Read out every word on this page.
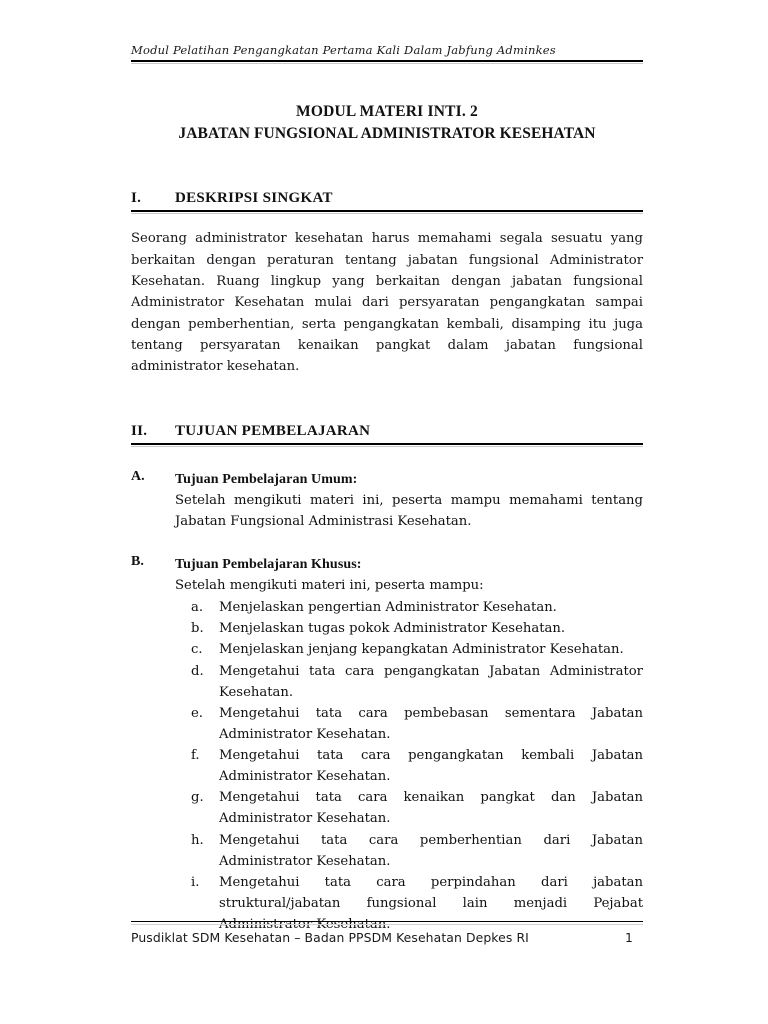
Modul Pelatihan Pengangkatan Pertama Kali Dalam Jabfung Adminkes
MODUL MATERI INTI. 2
JABATAN FUNGSIONAL ADMINISTRATOR KESEHATAN
I.	DESKRIPSI SINGKAT

Seorang administrator kesehatan harus memahami segala sesuatu yang berkaitan dengan peraturan tentang jabatan fungsional Administrator Kesehatan. Ruang lingkup yang berkaitan dengan jabatan fungsional Administrator Kesehatan mulai dari persyaratan pengangkatan sampai dengan pemberhentian, serta pengangkatan kembali, disamping itu juga tentang persyaratan kenaikan pangkat dalam jabatan fungsional administrator kesehatan.

II.	TUJUAN PEMBELAJARAN
A. Tujuan Pembelajaran Umum:
Setelah mengikuti materi ini, peserta mampu memahami tentang Jabatan Fungsional Administrasi Kesehatan.
B. Tujuan Pembelajaran Khusus:
Setelah mengikuti materi ini, peserta mampu:
a.	Menjelaskan pengertian Administrator Kesehatan.
b.	Menjelaskan tugas pokok Administrator Kesehatan.
c.	Menjelaskan jenjang kepangkatan Administrator Kesehatan.
d.	Mengetahui tata cara pengangkatan Jabatan Administrator Kesehatan.
e.	Mengetahui tata cara pembebasan sementara Jabatan Administrator Kesehatan.
f.	Mengetahui tata cara pengangkatan kembali Jabatan Administrator Kesehatan.
g.	Mengetahui tata cara kenaikan pangkat dan Jabatan Administrator Kesehatan.
h.	Mengetahui tata cara pemberhentian dari Jabatan Administrator Kesehatan.
i.	Mengetahui tata cara perpindahan dari jabatan struktural/jabatan fungsional lain menjadi Pejabat Administrator Kesehatan.
Pusdiklat SDM Kesehatan – Badan PPSDM Kesehatan Depkes RI	1
